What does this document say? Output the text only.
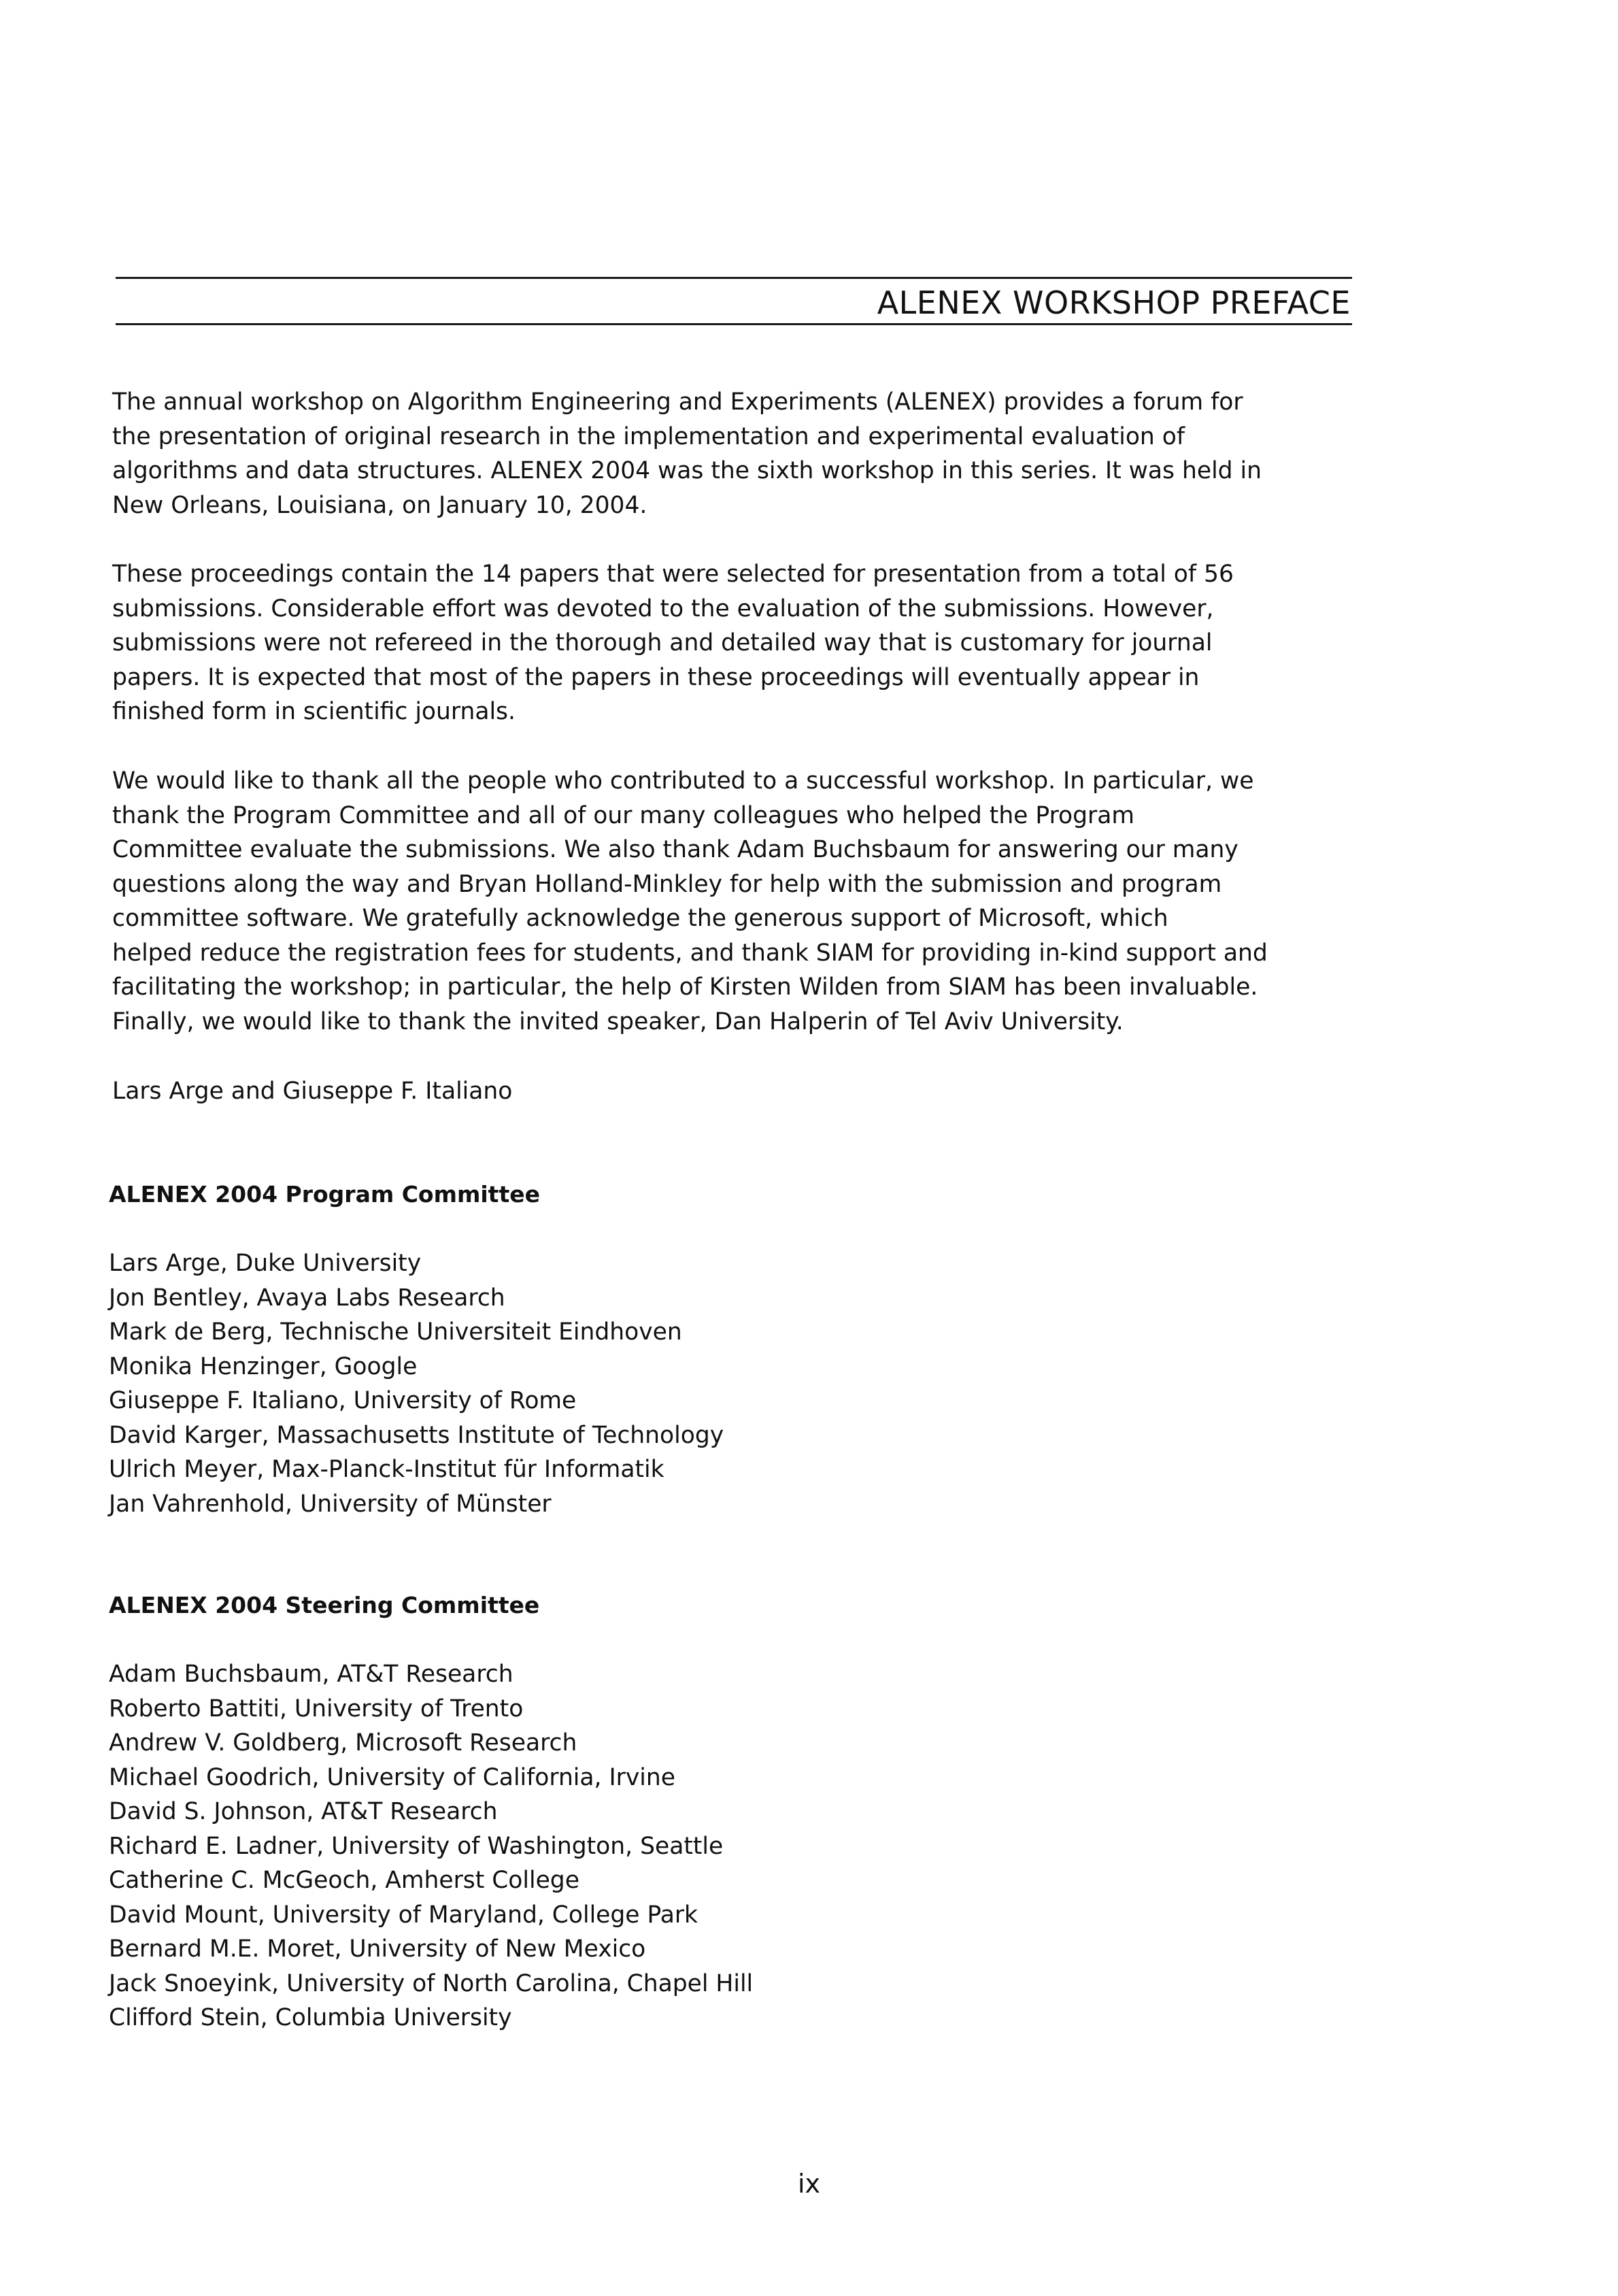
ALENEX WORKSHOP PREFACE
The annual workshop on Algorithm Engineering and Experiments (ALENEX) provides a forum for
the presentation of original research in the implementation and experimental evaluation of
algorithms and data structures. ALENEX 2004 was the sixth workshop in this series. It was held in
New Orleans, Louisiana, on January 10, 2004.
These proceedings contain the 14 papers that were selected for presentation from a total of 56
submissions. Considerable effort was devoted to the evaluation of the submissions. However,
submissions were not refereed in the thorough and detailed way that is customary for journal
papers. It is expected that most of the papers in these proceedings will eventually appear in
finished form in scientific journals.
We would like to thank all the people who contributed to a successful workshop. In particular, we
thank the Program Committee and all of our many colleagues who helped the Program
Committee evaluate the submissions. We also thank Adam Buchsbaum for answering our many
questions along the way and Bryan Holland-Minkley for help with the submission and program
committee software. We gratefully acknowledge the generous support of Microsoft, which
helped reduce the registration fees for students, and thank SIAM for providing in-kind support and
facilitating the workshop; in particular, the help of Kirsten Wilden from SIAM has been invaluable.
Finally, we would like to thank the invited speaker, Dan Halperin of Tel Aviv University.
Lars Arge and Giuseppe F. Italiano
ALENEX 2004 Program Committee
Lars Arge, Duke University
Jon Bentley, Avaya Labs Research
Mark de Berg, Technische Universiteit Eindhoven
Monika Henzinger, Google
Giuseppe F. Italiano, University of Rome
David Karger, Massachusetts Institute of Technology
Ulrich Meyer, Max-Planck-Institut für Informatik
Jan Vahrenhold, University of Münster
ALENEX 2004 Steering Committee
Adam Buchsbaum, AT&T Research
Roberto Battiti, University of Trento
Andrew V. Goldberg, Microsoft Research
Michael Goodrich, University of California, Irvine
David S. Johnson, AT&T Research
Richard E. Ladner, University of Washington, Seattle
Catherine C. McGeoch, Amherst College
David Mount, University of Maryland, College Park
Bernard M.E. Moret, University of New Mexico
Jack Snoeyink, University of North Carolina, Chapel Hill
Clifford Stein, Columbia University
ix
